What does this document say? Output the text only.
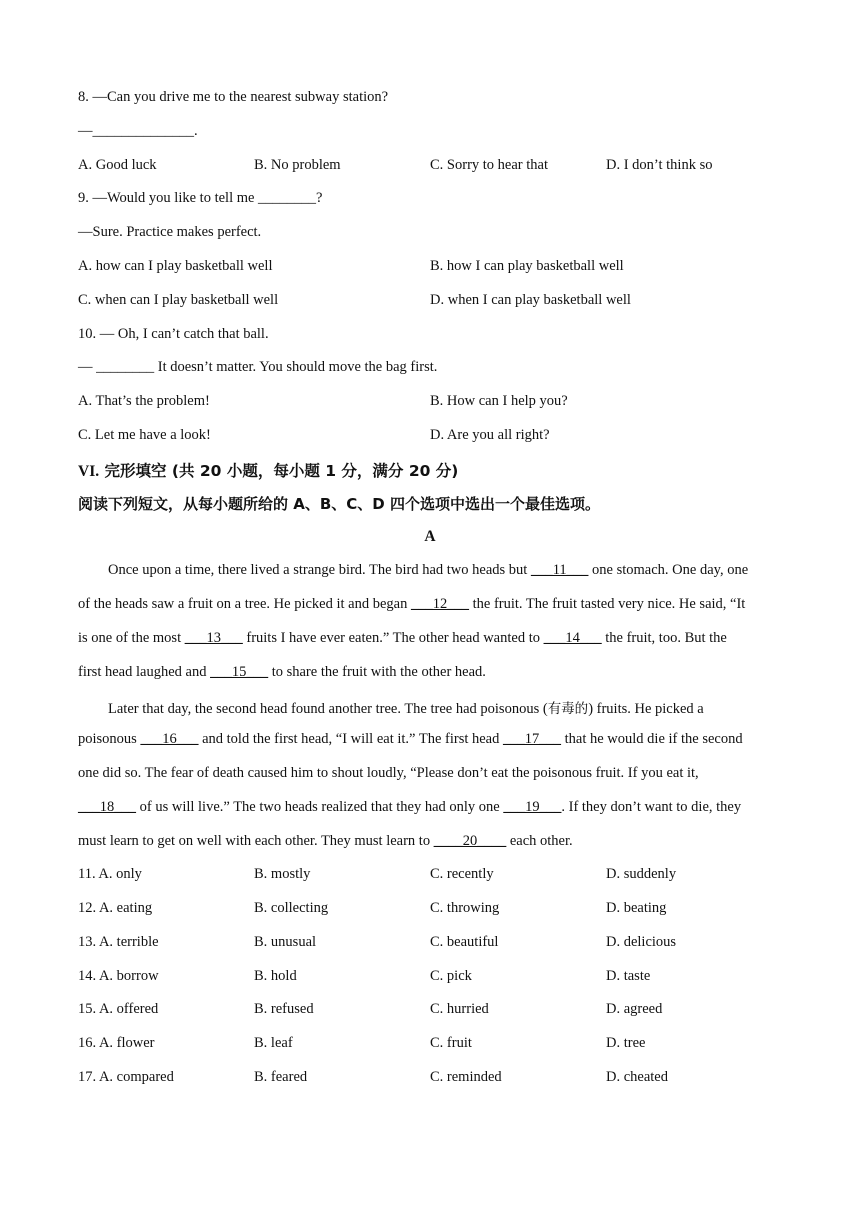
8. —Can you drive me to the nearest subway station?
—______________.
A. Good luck	B. No problem	C. Sorry to hear that	D. I don’t think so
9. —Would you like to tell me ________?
—Sure. Practice makes perfect.
A. how can I play basketball well	B. how I can play basketball well
C. when can I play basketball well	D. when I can play basketball well
10. — Oh, I can’t catch that ball.
— ________ It doesn’t matter. You should move the bag first.
A. That’s the problem!	B. How can I help you?
C. Let me have a look!	D. Are you all right?
VI. 完形填空 (共 20 小题，每小题 1 分，满分 20 分)
阅读下列短文，从每小题所给的 A、B、C、D 四个选项中选出一个最佳选项。
A
Once upon a time, there lived a strange bird. The bird had two heads but ___11___ one stomach. One day, one
of the heads saw a fruit on a tree. He picked it and began ___12___ the fruit. The fruit tasted very nice. He said, “It
is one of the most ___13___ fruits I have ever eaten.” The other head wanted to ___14___ the fruit, too. But the
first head laughed and ___15___ to share the fruit with the other head.
Later that day, the second head found another tree. The tree had poisonous (有毒的) fruits. He picked a
poisonous ___16___ and told the first head, “I will eat it.” The first head ___17___ that he would die if the second
one did so. The fear of death caused him to shout loudly, “Please don’t eat the poisonous fruit. If you eat it,
___18___ of us will live.” The two heads realized that they had only one ___19___. If they don’t want to die, they
must learn to get on well with each other. They must learn to ____20____ each other.
11. A. only	B. mostly	C. recently	D. suddenly
12. A. eating	B. collecting	C. throwing	D. beating
13. A. terrible	B. unusual	C. beautiful	D. delicious
14. A. borrow	B. hold	C. pick	D. taste
15. A. offered	B. refused	C. hurried	D. agreed
16. A. flower	B. leaf	C. fruit	D. tree
17. A. compared	B. feared	C. reminded	D. cheated
